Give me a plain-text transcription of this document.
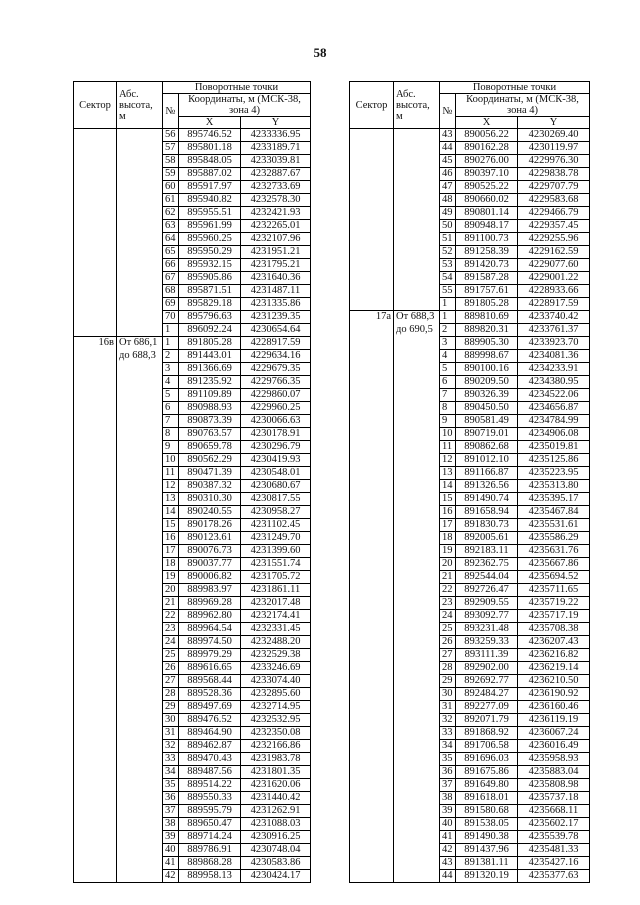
58
Сектор	Абс.
высота,
м	Поворотные точки		
		№	Координаты, м (МСК-38,
зона 4)	
			X	Y
		56	895746.52	4233336.95
		57	895801.18	4233189.71
		58	895848.05	4233039.81
		59	895887.02	4232887.67
		60	895917.97	4232733.69
		61	895940.82	4232578.30
		62	895955.51	4232421.93
		63	895961.99	4232265.01
		64	895960.25	4232107.96
		65	895950.29	4231951.21
		66	895932.15	4231795.21
		67	895905.86	4231640.36
		68	895871.51	4231487.11
		69	895829.18	4231335.86
		70	895796.63	4231239.35
		1	896092.24	4230654.64
16в	От 686,1	1	891805.28	4228917.59
	до 688,3	2	891443.01	4229634.16
		3	891366.69	4229679.35
		4	891235.92	4229766.35
		5	891109.89	4229860.07
		6	890988.93	4229960.25
		7	890873.39	4230066.63
		8	890763.57	4230178.91
		9	890659.78	4230296.79
		10	890562.29	4230419.93
		11	890471.39	4230548.01
		12	890387.32	4230680.67
		13	890310.30	4230817.55
		14	890240.55	4230958.27
		15	890178.26	4231102.45
		16	890123.61	4231249.70
		17	890076.73	4231399.60
		18	890037.77	4231551.74
		19	890006.82	4231705.72
		20	889983.97	4231861.11
		21	889969.28	4232017.48
		22	889962.80	4232174.41
		23	889964.54	4232331.45
		24	889974.50	4232488.20
		25	889979.29	4232529.38
		26	889616.65	4233246.69
		27	889568.44	4233074.40
		28	889528.36	4232895.60
		29	889497.69	4232714.95
		30	889476.52	4232532.95
		31	889464.90	4232350.08
		32	889462.87	4232166.86
		33	889470.43	4231983.78
		34	889487.56	4231801.35
		35	889514.22	4231620.06
		36	889550.33	4231440.42
		37	889595.79	4231262.91
		38	889650.47	4231088.03
		39	889714.24	4230916.25
		40	889786.91	4230748.04
		41	889868.28	4230583.86
		42	889958.13	4230424.17
Сектор	Абс.
высота,
м	Поворотные точки		
		№	Координаты, м (МСК-38,
зона 4)	
			X	Y
		43	890056.22	4230269.40
		44	890162.28	4230119.97
		45	890276.00	4229976.30
		46	890397.10	4229838.78
		47	890525.22	4229707.79
		48	890660.02	4229583.68
		49	890801.14	4229466.79
		50	890948.17	4229357.45
		51	891100.73	4229255.96
		52	891258.39	4229162.59
		53	891420.73	4229077.60
		54	891587.28	4229001.22
		55	891757.61	4228933.66
		1	891805.28	4228917.59
17а	От 688,3	1	889810.69	4233740.42
	до 690,5	2	889820.31	4233761.37
		3	889905.30	4233923.70
		4	889998.67	4234081.36
		5	890100.16	4234233.91
		6	890209.50	4234380.95
		7	890326.39	4234522.06
		8	890450.50	4234656.87
		9	890581.49	4234784.99
		10	890719.01	4234906.08
		11	890862.68	4235019.81
		12	891012.10	4235125.86
		13	891166.87	4235223.95
		14	891326.56	4235313.80
		15	891490.74	4235395.17
		16	891658.94	4235467.84
		17	891830.73	4235531.61
		18	892005.61	4235586.29
		19	892183.11	4235631.76
		20	892362.75	4235667.86
		21	892544.04	4235694.52
		22	892726.47	4235711.65
		23	892909.55	4235719.22
		24	893092.77	4235717.19
		25	893231.48	4235708.38
		26	893259.33	4236207.43
		27	893111.39	4236216.82
		28	892902.00	4236219.14
		29	892692.77	4236210.50
		30	892484.27	4236190.92
		31	892277.09	4236160.46
		32	892071.79	4236119.19
		33	891868.92	4236067.24
		34	891706.58	4236016.49
		35	891696.03	4235958.93
		36	891675.86	4235883.04
		37	891649.80	4235808.98
		38	891618.01	4235737.18
		39	891580.68	4235668.11
		40	891538.05	4235602.17
		41	891490.38	4235539.78
		42	891437.96	4235481.33
		43	891381.11	4235427.16
		44	891320.19	4235377.63
